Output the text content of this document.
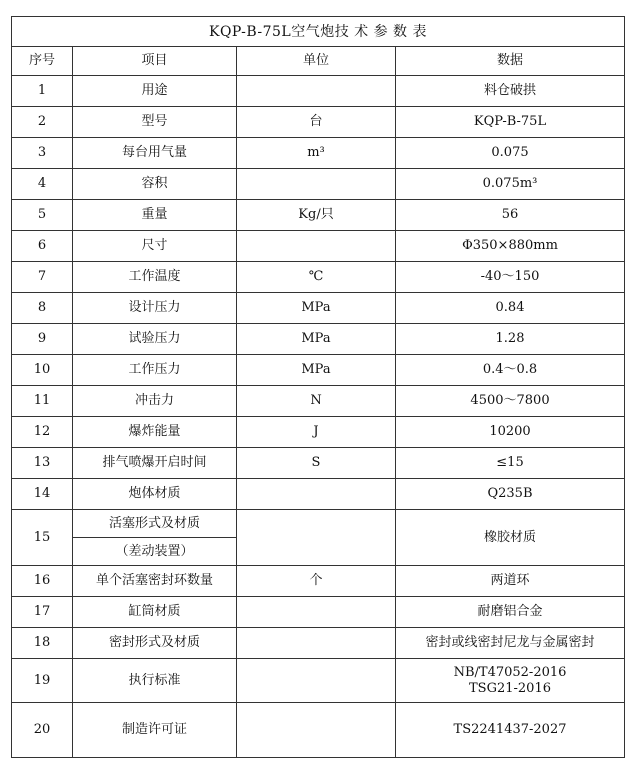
KQP-B-75L空气炮技 术 参 数 表			
序号	项目	单位	数据
1	用途		料仓破拱
2	型号	台	KQP-B-75L
3	每台用气量	m³	0.075
4	容积		0.075m³
5	重量	Kg/只	56
6	尺寸		Φ350×880mm
7	工作温度	℃	-40～150
8	设计压力	MPa	0.84
9	试验压力	MPa	1.28
10	工作压力	MPa	0.4～0.8
11	冲击力	N	4500～7800
12	爆炸能量	J	10200
13	排气喷爆开启时间	S	≤15
14	炮体材质		Q235B
15	活塞形式及材质		橡胶材质
	（差动装置）		
16	单个活塞密封环数量	个	两道环
17	缸筒材质		耐磨铝合金
18	密封形式及材质		密封或线密封尼龙与金属密封
19	执行标准		NB/T47052-2016
TSG21-2016

20	制造许可证		TS2241437-2027
